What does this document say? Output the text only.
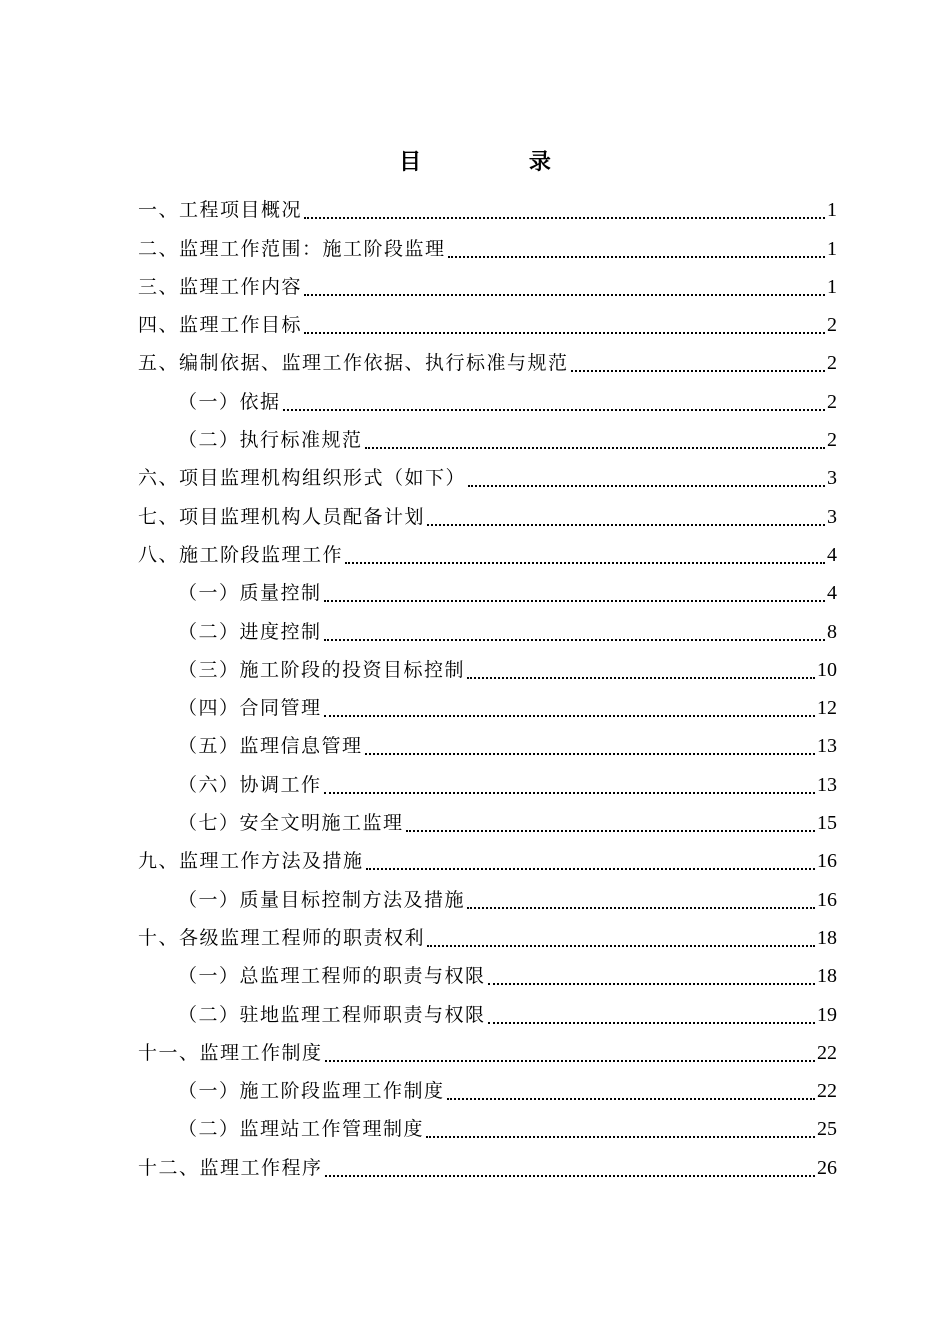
目 录
一、工程项目概况	1
二、监理工作范围：施工阶段监理	1
三、监理工作内容	1
四、监理工作目标	2
五、编制依据、监理工作依据、执行标准与规范	2
（一）依据	2
（二）执行标准规范	2
六、项目监理机构组织形式（如下）	3
七、项目监理机构人员配备计划	3
八、施工阶段监理工作	4
（一）质量控制	4
（二）进度控制	8
（三）施工阶段的投资目标控制	10
（四）合同管理	12
（五）监理信息管理	13
（六）协调工作	13
（七）安全文明施工监理	15
九、监理工作方法及措施	16
（一）质量目标控制方法及措施	16
十、各级监理工程师的职责权利	18
（一）总监理工程师的职责与权限	18
（二）驻地监理工程师职责与权限	19
十一、监理工作制度	22
（一）施工阶段监理工作制度	22
（二）监理站工作管理制度	25
十二、监理工作程序	26
